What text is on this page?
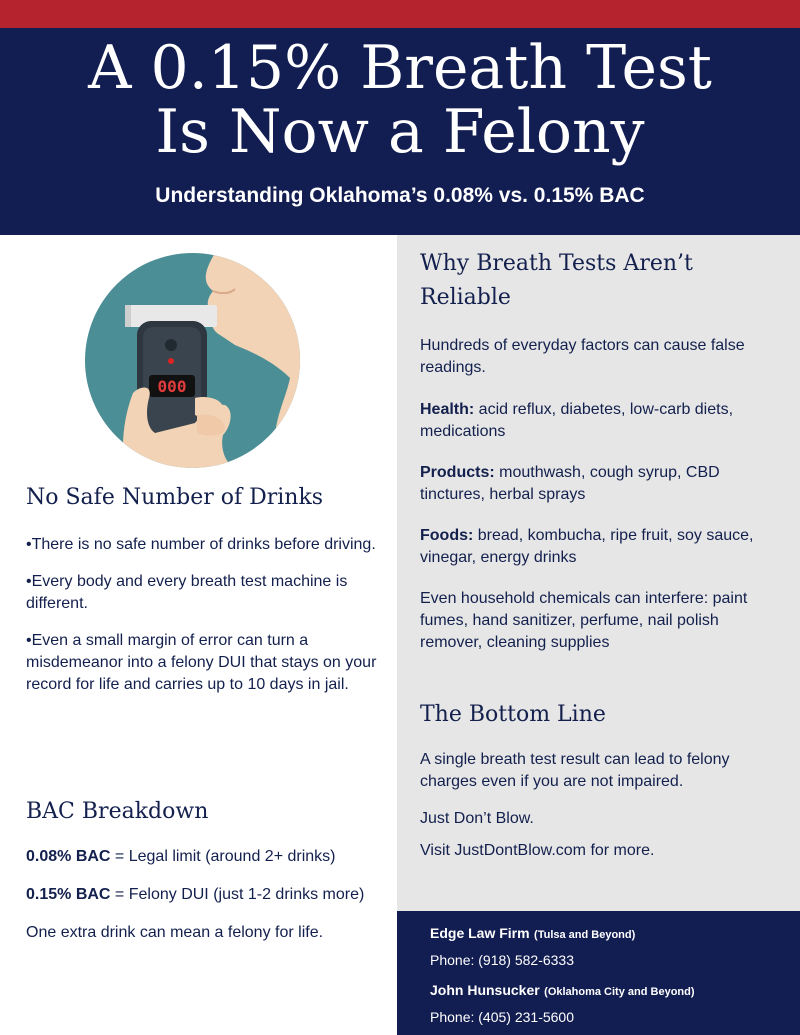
A 0.15% Breath Test
Is Now a Felony
Understanding Oklahoma’s 0.08% vs. 0.15% BAC
000
No Safe Number of Drinks

•There is no safe number of drinks before driving.

•Every body and every breath test machine is different.

•Even a small margin of error can turn a misdemeanor into a felony DUI that stays on your record for life and carries up to 10 days in jail.

BAC Breakdown

0.08% BAC = Legal limit (around 2+ drinks)

0.15% BAC = Felony DUI (just 1-2 drinks more)

One extra drink can mean a felony for life.

Why Breath Tests Aren’t
Reliable

Hundreds of everyday factors can cause false readings.

Health: acid reflux, diabetes, low-carb diets, medications

Products: mouthwash, cough syrup, CBD tinctures, herbal sprays

Foods: bread, kombucha, ripe fruit, soy sauce, vinegar, energy drinks

Even household chemicals can interfere: paint fumes, hand sanitizer, perfume, nail polish remover, cleaning supplies

The Bottom Line

A single breath test result can lead to felony charges even if you are not impaired.

Just Don’t Blow.

Visit JustDontBlow.com for more.

Edge Law Firm (Tulsa and Beyond)
Phone: (918) 582-6333
John Hunsucker (Oklahoma City and Beyond)
Phone: (405) 231-5600
